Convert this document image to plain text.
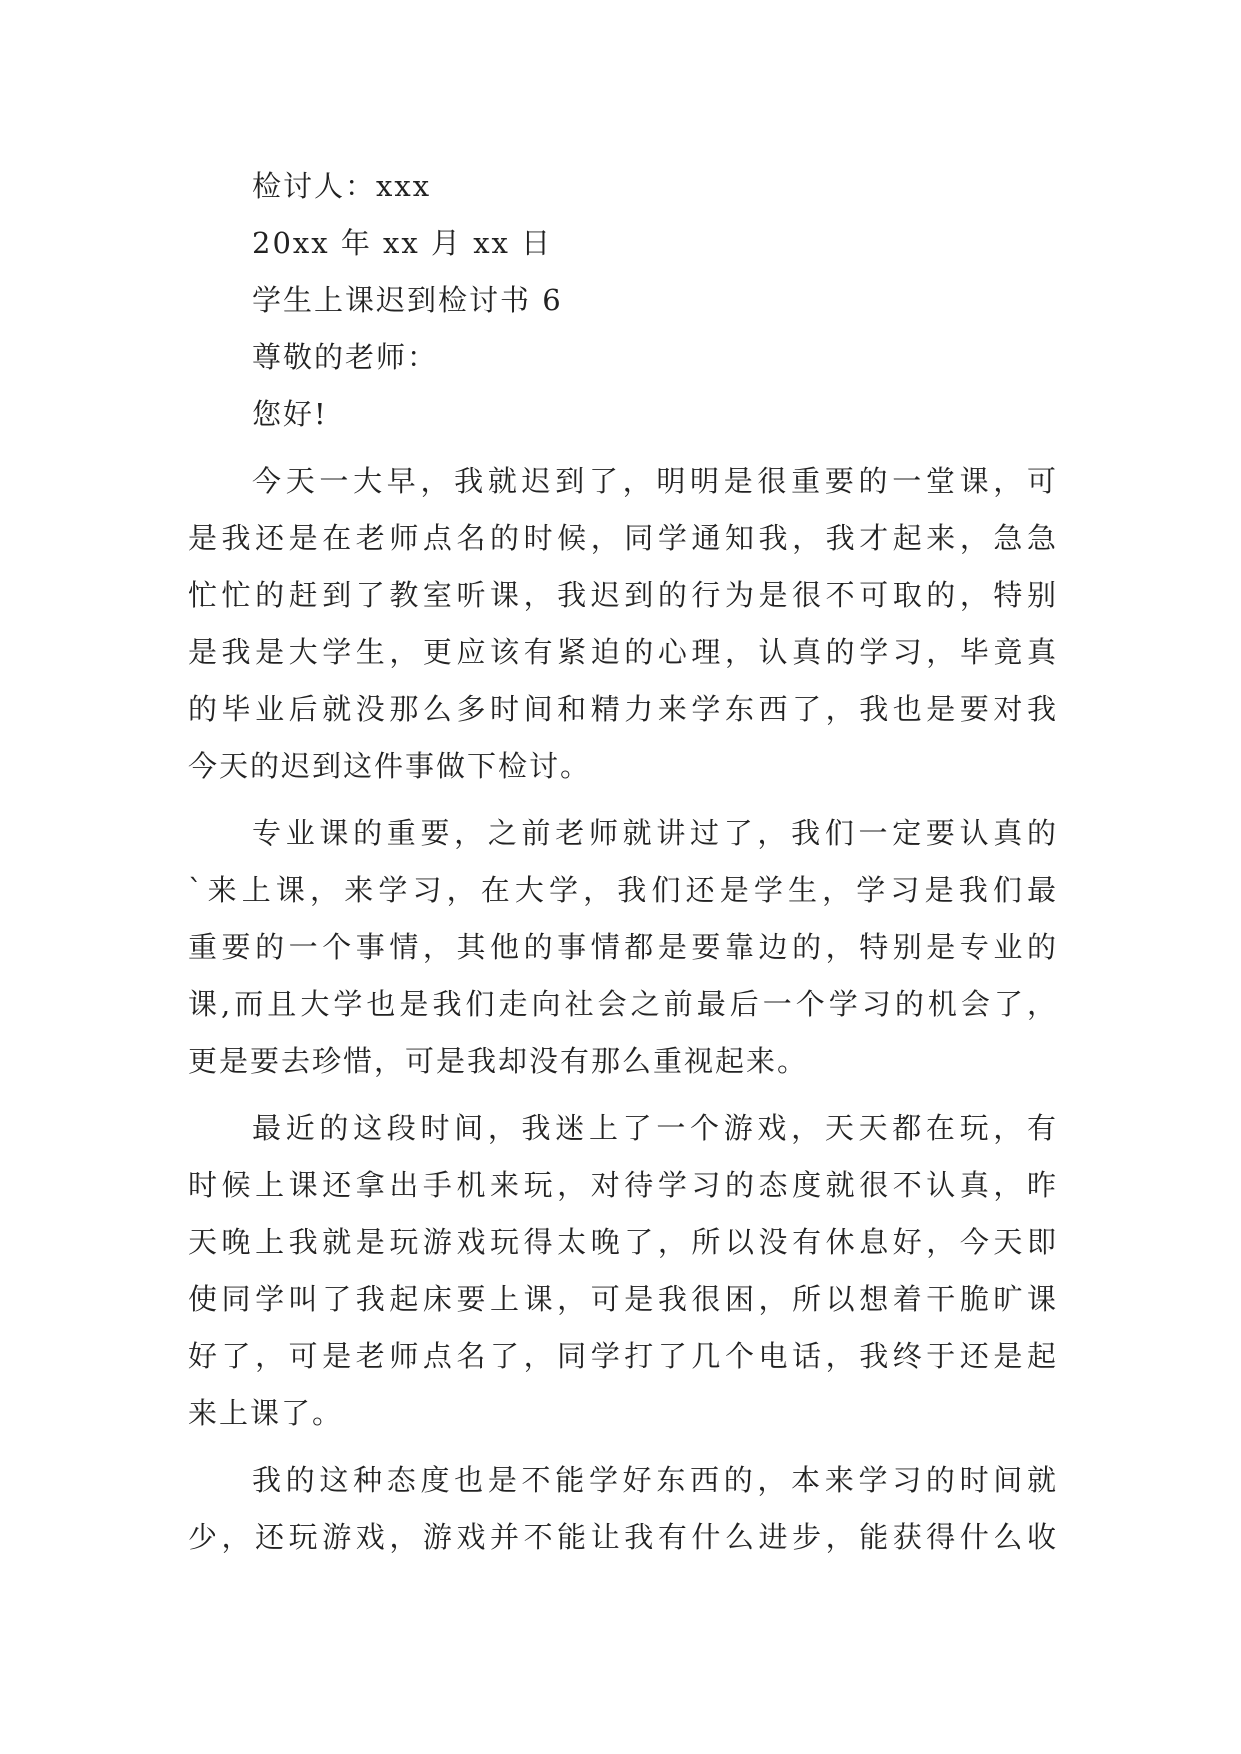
检讨人：xxx
20xx 年 xx 月 xx 日
学生上课迟到检讨书 6
尊敬的老师：
您好!
今天一大早，我就迟到了，明明是很重要的一堂课，可
是我还是在老师点名的时候，同学通知我，我才起来，急急
忙忙的赶到了教室听课，我迟到的行为是很不可取的，特别
是我是大学生，更应该有紧迫的心理，认真的学习，毕竟真
的毕业后就没那么多时间和精力来学东西了，我也是要对我
今天的迟到这件事做下检讨。
专业课的重要，之前老师就讲过了，我们一定要认真的
`来上课，来学习，在大学，我们还是学生，学习是我们最
重要的一个事情，其他的事情都是要靠边的，特别是专业的
课,而且大学也是我们走向社会之前最后一个学习的机会了，
更是要去珍惜，可是我却没有那么重视起来。
最近的这段时间，我迷上了一个游戏，天天都在玩，有
时候上课还拿出手机来玩，对待学习的态度就很不认真，昨
天晚上我就是玩游戏玩得太晚了，所以没有休息好，今天即
使同学叫了我起床要上课，可是我很困，所以想着干脆旷课
好了，可是老师点名了，同学打了几个电话，我终于还是起
来上课了。
我的这种态度也是不能学好东西的，本来学习的时间就
少，还玩游戏，游戏并不能让我有什么进步，能获得什么收
